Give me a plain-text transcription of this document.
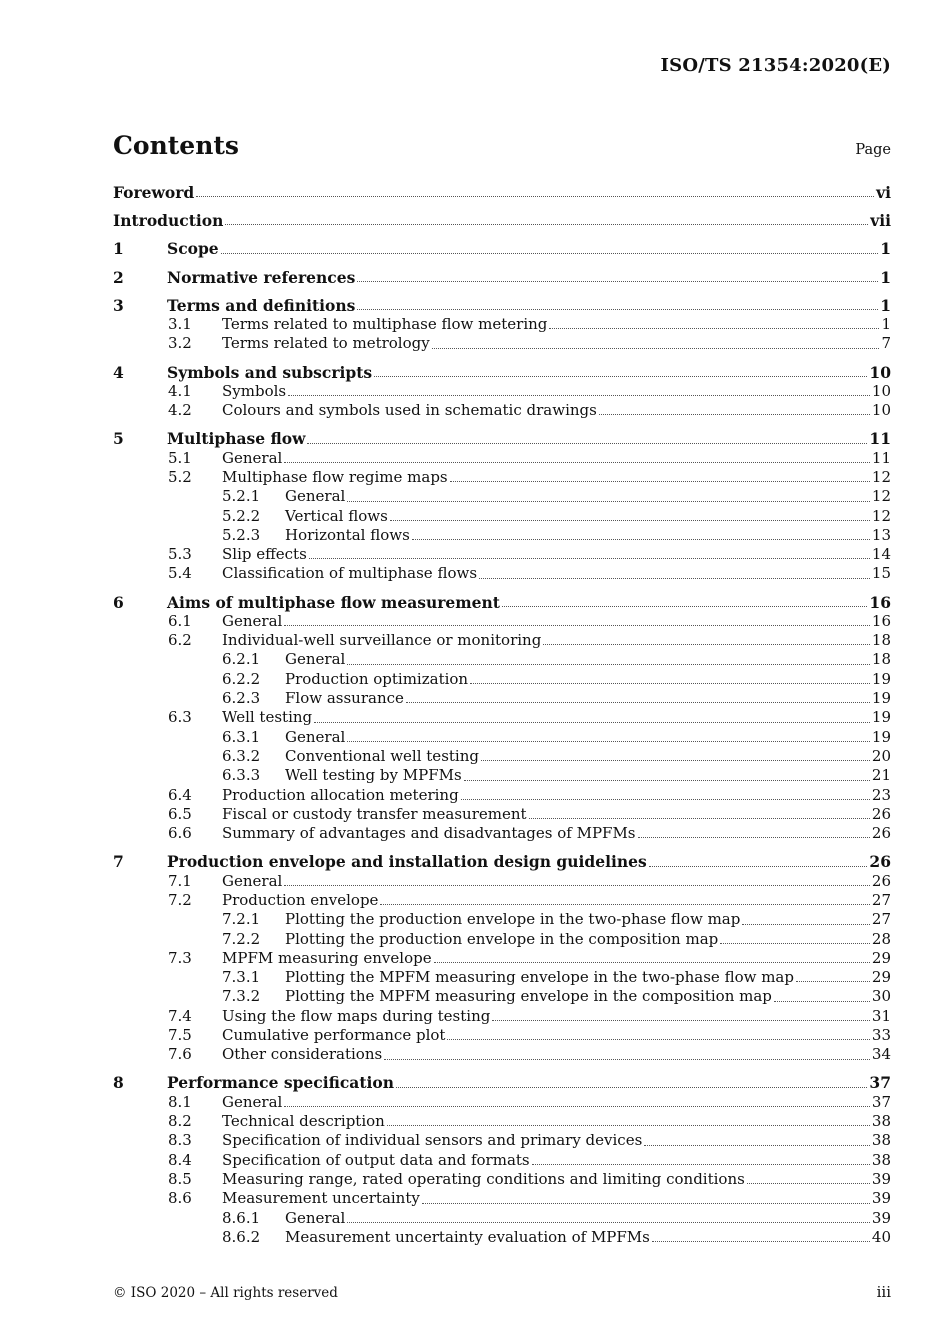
ISO/TS 21354:2020(E)
Contents	Page
Foreword	vi
Introduction	vii
1	Scope	1
2	Normative references	1
3	Terms and definitions	1
3.1 Terms related to multiphase flow metering	1
3.2 Terms related to metrology	7
4	Symbols and subscripts	10
4.1 Symbols	10
4.2 Colours and symbols used in schematic drawings	10
5	Multiphase flow	11
5.1 General	11
5.2 Multiphase flow regime maps	12
5.2.1 General	12
5.2.2 Vertical flows	12
5.2.3 Horizontal flows	13
5.3 Slip effects	14
5.4 Classification of multiphase flows	15
6	Aims of multiphase flow measurement	16
6.1 General	16
6.2 Individual-well surveillance or monitoring	18
6.2.1 General	18
6.2.2 Production optimization	19
6.2.3 Flow assurance	19
6.3 Well testing	19
6.3.1 General	19
6.3.2 Conventional well testing	20
6.3.3 Well testing by MPFMs	21
6.4 Production allocation metering	23
6.5 Fiscal or custody transfer measurement	26
6.6 Summary of advantages and disadvantages of MPFMs	26
7	Production envelope and installation design guidelines	26
7.1 General	26
7.2 Production envelope	27
7.2.1 Plotting the production envelope in the two-phase flow map	27
7.2.2 Plotting the production envelope in the composition map	28
7.3 MPFM measuring envelope	29
7.3.1 Plotting the MPFM measuring envelope in the two-phase flow map	29
7.3.2 Plotting the MPFM measuring envelope in the composition map	30
7.4 Using the flow maps during testing	31
7.5 Cumulative performance plot	33
7.6 Other considerations	34
8	Performance specification	37
8.1 General	37
8.2 Technical description	38
8.3 Specification of individual sensors and primary devices	38
8.4 Specification of output data and formats	38
8.5 Measuring range, rated operating conditions and limiting conditions	39
8.6 Measurement uncertainty	39
8.6.1 General	39
8.6.2 Measurement uncertainty evaluation of MPFMs	40
© ISO 2020 – All rights reserved	iii
